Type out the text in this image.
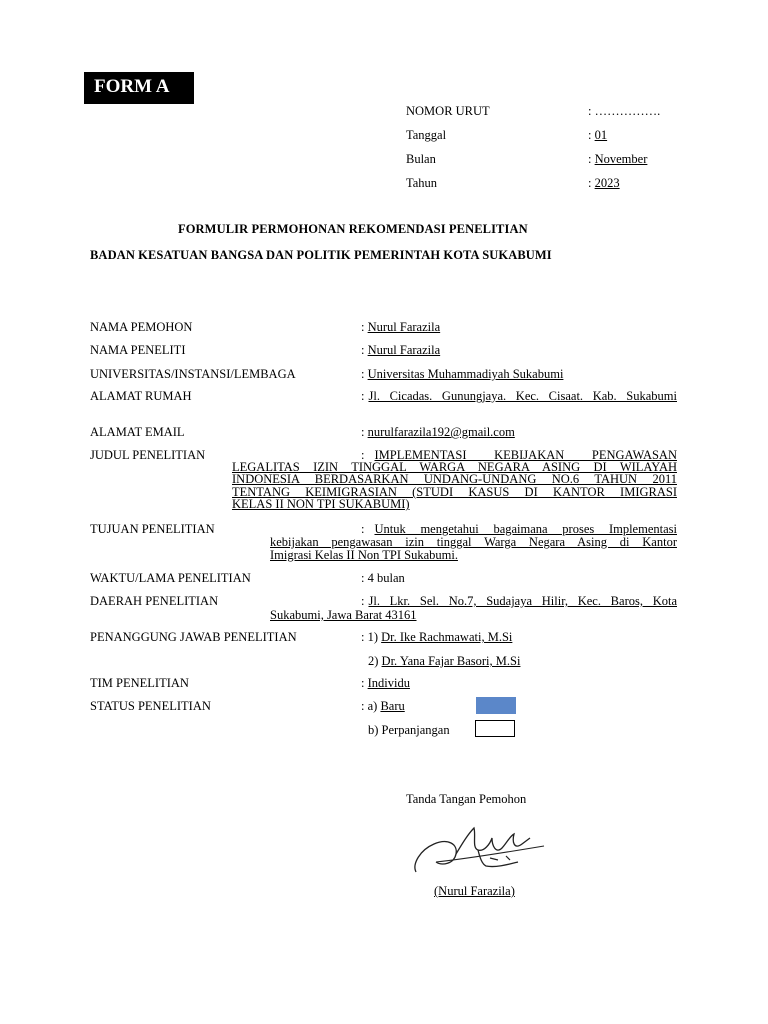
FORM A
NOMOR URUT	: …………….
Tanggal	: 01
Bulan	: November
Tahun	: 2023
FORMULIR PERMOHONAN REKOMENDASI PENELITIAN
BADAN KESATUAN BANGSA DAN POLITIK PEMERINTAH KOTA SUKABUMI
NAMA PEMOHON	: Nurul Farazila
NAMA PENELITI	: Nurul Farazila
UNIVERSITAS/INSTANSI/LEMBAGA	: Universitas Muhammadiyah Sukabumi
ALAMAT RUMAH	: Jl. Cicadas. Gunungjaya. Kec. Cisaat. Kab. Sukabumi
ALAMAT EMAIL	: nurulfarazila192@gmail.com
JUDUL PENELITIAN	: IMPLEMENTASI KEBIJAKAN PENGAWASAN
LEGALITAS IZIN TINGGAL WARGA NEGARA ASING DI WILAYAH
INDONESIA BERDASARKAN UNDANG-UNDANG NO.6 TAHUN 2011
TENTANG KEIMIGRASIAN (STUDI KASUS DI KANTOR IMIGRASI
KELAS II NON TPI SUKABUMI)
TUJUAN PENELITIAN	: Untuk mengetahui bagaimana proses Implementasi
kebijakan pengawasan izin tinggal Warga Negara Asing di Kantor
Imigrasi Kelas II Non TPI Sukabumi.
WAKTU/LAMA PENELITIAN	: 4 bulan
DAERAH PENELITIAN	: Jl. Lkr. Sel. No.7, Sudajaya Hilir, Kec. Baros, Kota
Sukabumi, Jawa Barat 43161
PENANGGUNG JAWAB PENELITIAN	: 1) Dr. Ike Rachmawati, M.Si
2) Dr. Yana Fajar Basori, M.Si
TIM PENELITIAN	: Individu
STATUS PENELITIAN	: a) Baru
b) Perpanjangan
Tanda Tangan Pemohon
(Nurul Farazila)
